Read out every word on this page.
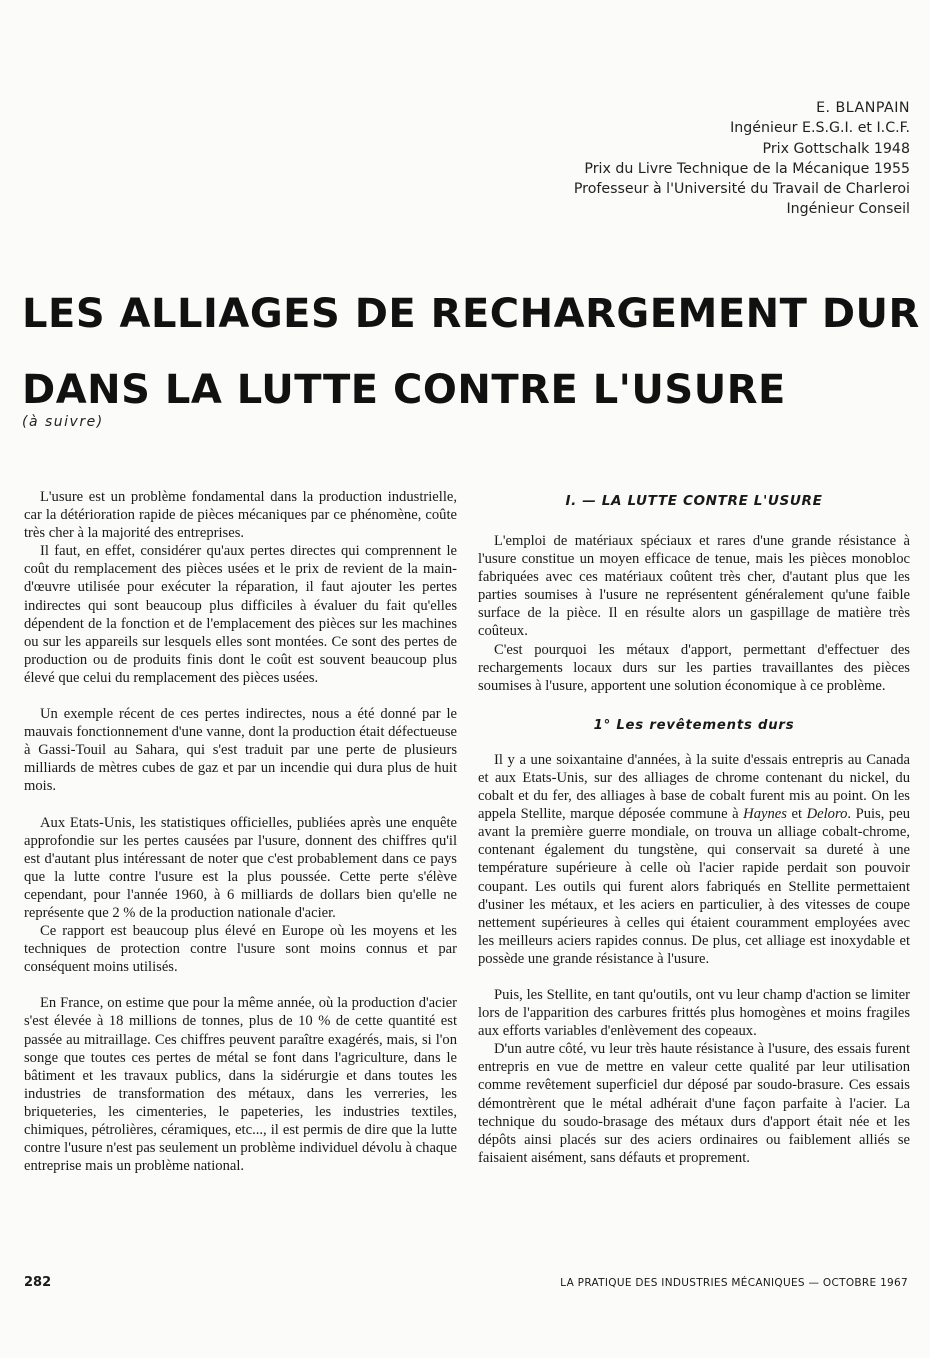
E. BLANPAIN
Ingénieur E.S.G.I. et I.C.F.
Prix Gottschalk 1948
Prix du Livre Technique de la Mécanique 1955
Professeur à l'Université du Travail de Charleroi
Ingénieur Conseil
LES ALLIAGES DE RECHARGEMENT DUR
DANS LA LUTTE CONTRE L'USURE
(à suivre)

L'usure est un problème fondamental dans la production industrielle, car la détérioration rapide de pièces mécaniques par ce phénomène, coûte très cher à la majorité des entreprises.

Il faut, en effet, considérer qu'aux pertes directes qui comprennent le coût du remplacement des pièces usées et le prix de revient de la main-d'œuvre utilisée pour exécuter la réparation, il faut ajouter les pertes indirectes qui sont beaucoup plus difficiles à évaluer du fait qu'elles dépendent de la fonction et de l'emplacement des pièces sur les machines ou sur les appareils sur lesquels elles sont montées. Ce sont des pertes de production ou de produits finis dont le coût est souvent beaucoup plus élevé que celui du remplacement des pièces usées.

Un exemple récent de ces pertes indirectes, nous a été donné par le mauvais fonctionnement d'une vanne, dont la production était défectueuse à Gassi-Touil au Sahara, qui s'est traduit par une perte de plusieurs milliards de mètres cubes de gaz et par un incendie qui dura plus de huit mois.

Aux Etats-Unis, les statistiques officielles, publiées après une enquête approfondie sur les pertes causées par l'usure, donnent des chiffres qu'il est d'autant plus intéressant de noter que c'est probablement dans ce pays que la lutte contre l'usure est la plus poussée. Cette perte s'élève cependant, pour l'année 1960, à 6 milliards de dollars bien qu'elle ne représente que 2 % de la production nationale d'acier.

Ce rapport est beaucoup plus élevé en Europe où les moyens et les techniques de protection contre l'usure sont moins connus et par conséquent moins utilisés.

En France, on estime que pour la même année, où la production d'acier s'est élevée à 18 millions de tonnes, plus de 10 % de cette quantité est passée au mitraillage. Ces chiffres peuvent paraître exagérés, mais, si l'on songe que toutes ces pertes de métal se font dans l'agriculture, dans le bâtiment et les travaux publics, dans la sidérurgie et dans toutes les industries de transformation des métaux, dans les verreries, les briqueteries, les cimenteries, le papeteries, les industries textiles, chimiques, pétrolières, céramiques, etc..., il est permis de dire que la lutte contre l'usure n'est pas seulement un problème individuel dévolu à chaque entreprise mais un problème national.

I. — LA LUTTE CONTRE L'USURE

L'emploi de matériaux spéciaux et rares d'une grande résistance à l'usure constitue un moyen efficace de tenue, mais les pièces monobloc fabriquées avec ces matériaux coûtent très cher, d'autant plus que les parties soumises à l'usure ne représentent généralement qu'une faible surface de la pièce. Il en résulte alors un gaspillage de matière très coûteux.

C'est pourquoi les métaux d'apport, permettant d'effectuer des rechargements locaux durs sur les parties travaillantes des pièces soumises à l'usure, apportent une solution économique à ce problème.

1° Les revêtements durs

Il y a une soixantaine d'années, à la suite d'essais entrepris au Canada et aux Etats-Unis, sur des alliages de chrome contenant du nickel, du cobalt et du fer, des alliages à base de cobalt furent mis au point. On les appela Stellite, marque déposée commune à Haynes et Deloro. Puis, peu avant la première guerre mondiale, on trouva un alliage cobalt-chrome, contenant également du tungstène, qui conservait sa dureté à une température supérieure à celle où l'acier rapide perdait son pouvoir coupant. Les outils qui furent alors fabriqués en Stellite permettaient d'usiner les métaux, et les aciers en particulier, à des vitesses de coupe nettement supérieures à celles qui étaient couramment employées avec les meilleurs aciers rapides connus. De plus, cet alliage est inoxydable et possède une grande résistance à l'usure.

Puis, les Stellite, en tant qu'outils, ont vu leur champ d'action se limiter lors de l'apparition des carbures frittés plus homogènes et moins fragiles aux efforts variables d'enlèvement des copeaux.

D'un autre côté, vu leur très haute résistance à l'usure, des essais furent entrepris en vue de mettre en valeur cette qualité par leur utilisation comme revêtement superficiel dur déposé par soudo-brasure. Ces essais démontrèrent que le métal adhérait d'une façon parfaite à l'acier. La technique du soudo-brasage des métaux durs d'apport était née et les dépôts ainsi placés sur des aciers ordinaires ou faiblement alliés se faisaient aisément, sans défauts et proprement.

282	LA PRATIQUE DES INDUSTRIES MÉCANIQUES — OCTOBRE 1967
